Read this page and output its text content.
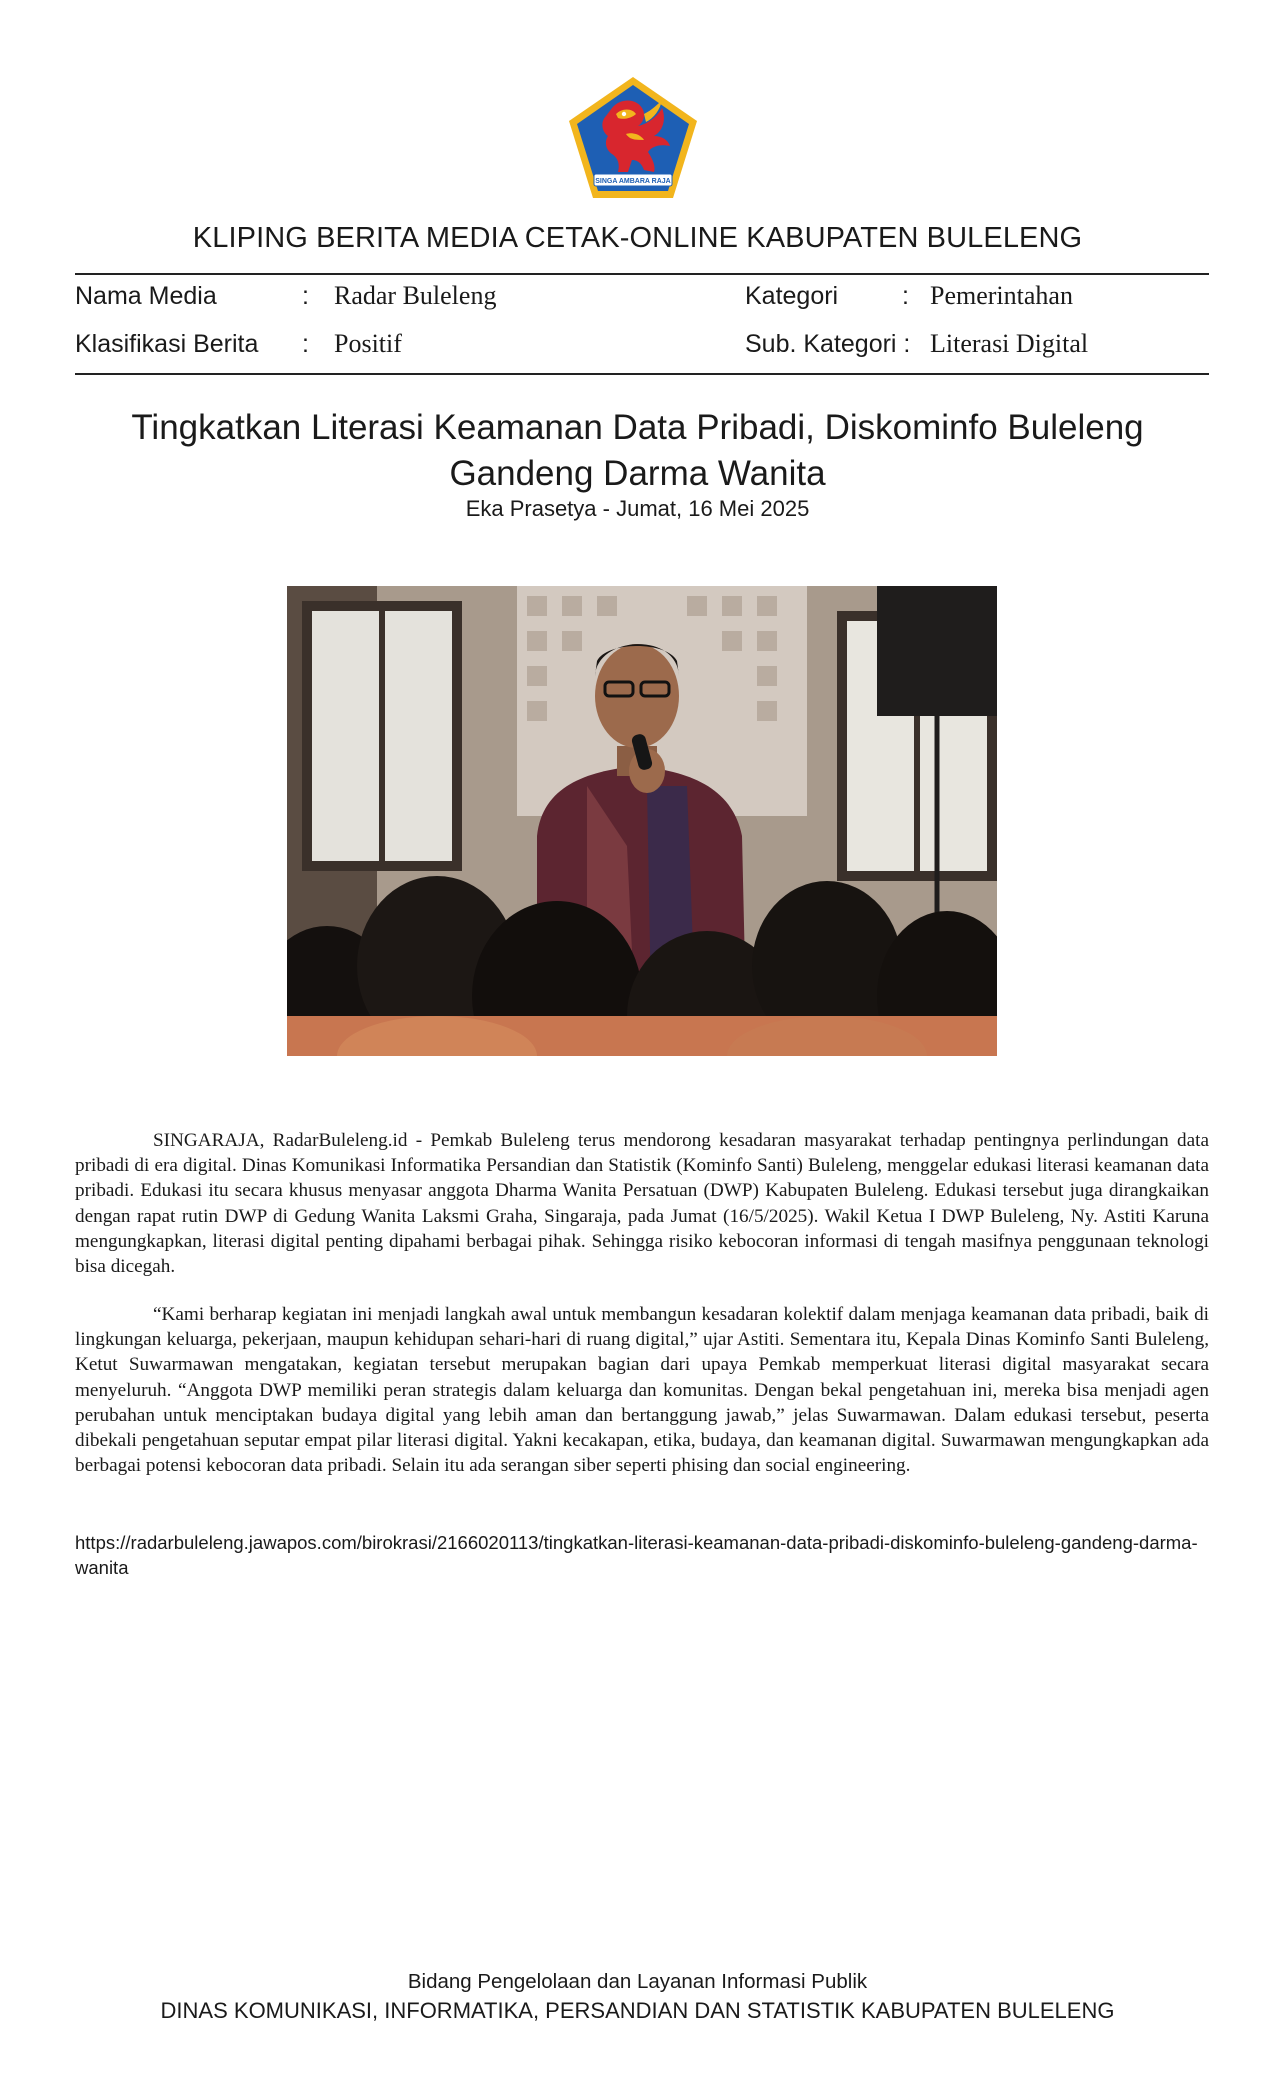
SINGA AMBARA RAJA
KLIPING BERITA MEDIA CETAK-ONLINE KABUPATEN BULELENG
Nama Media	: Radar Buleleng	Kategori	: Pemerintahan
Klasifikasi Berita : Positif	Sub. Kategori : Literasi Digital
Tingkatkan Literasi Keamanan Data Pribadi, Diskominfo Buleleng Gandeng Darma Wanita
Eka Prasetya - Jumat, 16 Mei 2025

SINGARAJA, RadarBuleleng.id - Pemkab Buleleng terus mendorong kesadaran masyarakat terhadap pentingnya perlindungan data pribadi di era digital. Dinas Komunikasi Informatika Persandian dan Statistik (Kominfo Santi) Buleleng, menggelar edukasi literasi keamanan data pribadi. Edukasi itu secara khusus menyasar anggota Dharma Wanita Persatuan (DWP) Kabupaten Buleleng. Edukasi tersebut juga dirangkaikan dengan rapat rutin DWP di Gedung Wanita Laksmi Graha, Singaraja, pada Jumat (16/5/2025). Wakil Ketua I DWP Buleleng, Ny. Astiti Karuna mengungkapkan, literasi digital penting dipahami berbagai pihak. Sehingga risiko kebocoran informasi di tengah masifnya penggunaan teknologi bisa dicegah.

“Kami berharap kegiatan ini menjadi langkah awal untuk membangun kesadaran kolektif dalam menjaga keamanan data pribadi, baik di lingkungan keluarga, pekerjaan, maupun kehidupan sehari-hari di ruang digital,” ujar Astiti. Sementara itu, Kepala Dinas Kominfo Santi Buleleng, Ketut Suwarmawan mengatakan, kegiatan tersebut merupakan bagian dari upaya Pemkab memperkuat literasi digital masyarakat secara menyeluruh. “Anggota DWP memiliki peran strategis dalam keluarga dan komunitas. Dengan bekal pengetahuan ini, mereka bisa menjadi agen perubahan untuk menciptakan budaya digital yang lebih aman dan bertanggung jawab,” jelas Suwarmawan. Dalam edukasi tersebut, peserta dibekali pengetahuan seputar empat pilar literasi digital. Yakni kecakapan, etika, budaya, dan keamanan digital. Suwarmawan mengungkapkan ada berbagai potensi kebocoran data pribadi. Selain itu ada serangan siber seperti phising dan social engineering.

https://radarbuleleng.jawapos.com/birokrasi/2166020113/tingkatkan-literasi-keamanan-data-pribadi-diskominfo-buleleng-gandeng-darma-wanita
Bidang Pengelolaan dan Layanan Informasi Publik
DINAS KOMUNIKASI, INFORMATIKA, PERSANDIAN DAN STATISTIK KABUPATEN BULELENG
